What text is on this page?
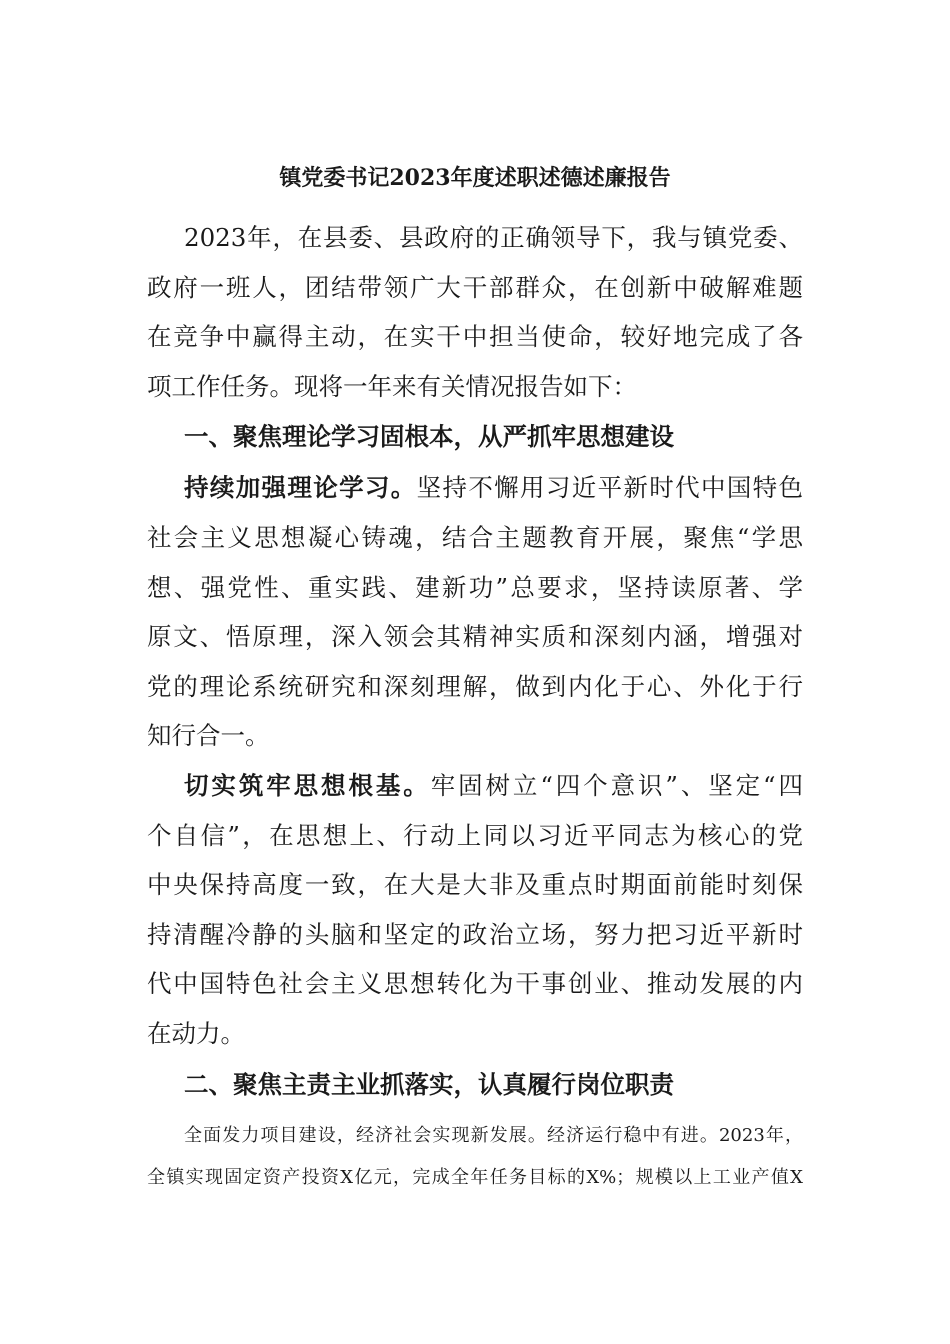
镇党委书记2023年度述职述德述廉报告
2023年，在县委、县政府的正确领导下，我与镇党委、
政府一班人，团结带领广大干部群众，在创新中破解难题
在竞争中赢得主动，在实干中担当使命，较好地完成了各
项工作任务。现将一年来有关情况报告如下：
一、聚焦理论学习固根本，从严抓牢思想建设
持续加强理论学习。坚持不懈用习近平新时代中国特色
社会主义思想凝心铸魂，结合主题教育开展，聚焦“学思
想、强党性、重实践、建新功”总要求，坚持读原著、学
原文、悟原理，深入领会其精神实质和深刻内涵，增强对
党的理论系统研究和深刻理解，做到内化于心、外化于行
知行合一。
切实筑牢思想根基。牢固树立“四个意识”、坚定“四
个自信”，在思想上、行动上同以习近平同志为核心的党
中央保持高度一致，在大是大非及重点时期面前能时刻保
持清醒冷静的头脑和坚定的政治立场，努力把习近平新时
代中国特色社会主义思想转化为干事创业、推动发展的内
在动力。
二、聚焦主责主业抓落实，认真履行岗位职责
全面发力项目建设，经济社会实现新发展。经济运行稳中有进。2023年，
全镇实现固定资产投资X亿元，完成全年任务目标的X%；规模以上工业产值X
